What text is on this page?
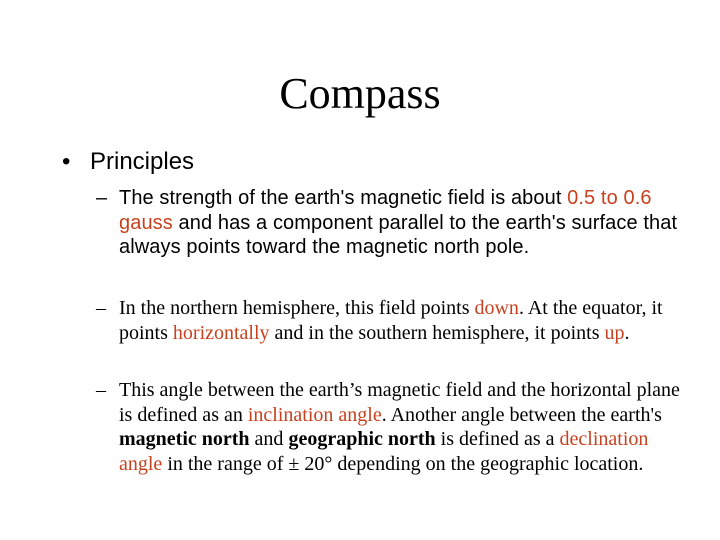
Compass
• Principles
– The strength of the earth's magnetic field is about 0.5 to 0.6 gauss and has a component parallel to the earth's surface that always points toward the magnetic north pole.
– In the northern hemisphere, this field points down. At the equator, it points horizontally and in the southern hemisphere, it points up.
– This angle between the earth’s magnetic field and the horizontal plane is defined as an inclination angle. Another angle between the earth's magnetic north and geographic north is defined as a declination angle in the range of ± 20° depending on the geographic location.
